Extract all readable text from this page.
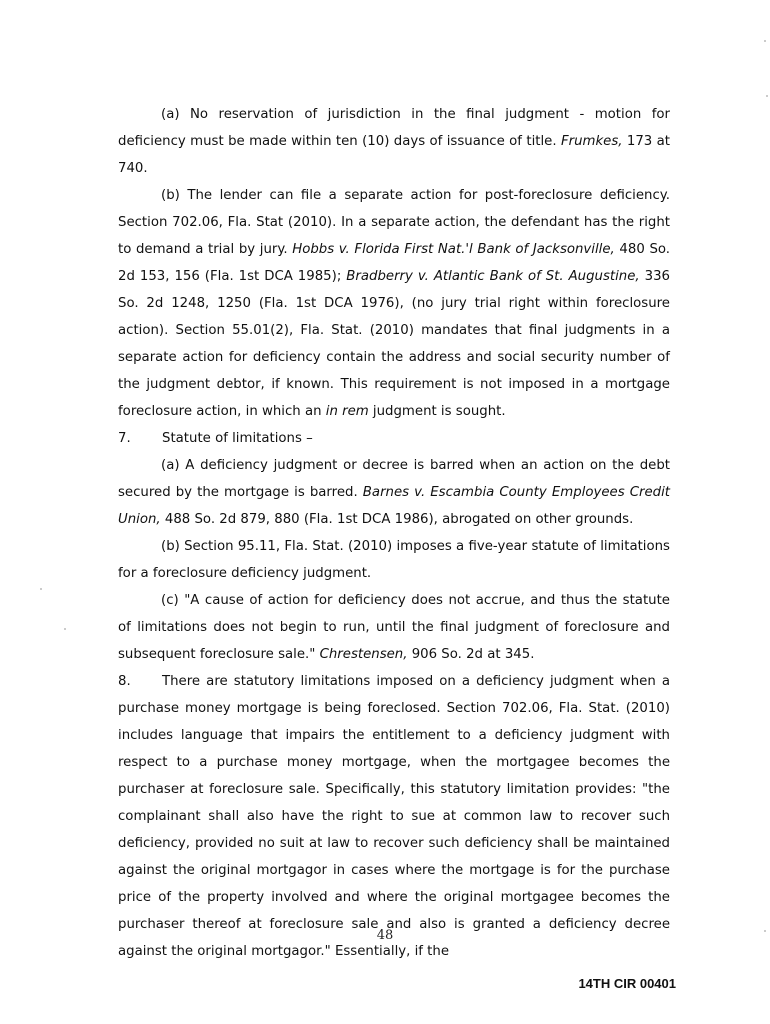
(a) No reservation of jurisdiction in the final judgment - motion for deficiency must be made within ten (10) days of issuance of title. Frumkes, 173 at 740.

(b) The lender can file a separate action for post-foreclosure deficiency. Section 702.06, Fla. Stat (2010). In a separate action, the defendant has the right to demand a trial by jury. Hobbs v. Florida First Nat.'l Bank of Jacksonville, 480 So. 2d 153, 156 (Fla. 1st DCA 1985); Bradberry v. Atlantic Bank of St. Augustine, 336 So. 2d 1248, 1250 (Fla. 1st DCA 1976), (no jury trial right within foreclosure action). Section 55.01(2), Fla. Stat. (2010) mandates that final judgments in a separate action for deficiency contain the address and social security number of the judgment debtor, if known. This requirement is not imposed in a mortgage foreclosure action, in which an in rem judgment is sought.

7.	Statute of limitations –

(a) A deficiency judgment or decree is barred when an action on the debt secured by the mortgage is barred. Barnes v. Escambia County Employees Credit Union, 488 So. 2d 879, 880 (Fla. 1st DCA 1986), abrogated on other grounds.

(b) Section 95.11, Fla. Stat. (2010) imposes a five-year statute of limitations for a foreclosure deficiency judgment.

(c) "A cause of action for deficiency does not accrue, and thus the statute of limitations does not begin to run, until the final judgment of foreclosure and subsequent foreclosure sale." Chrestensen, 906 So. 2d at 345.

8. There are statutory limitations imposed on a deficiency judgment when a purchase money mortgage is being foreclosed. Section 702.06, Fla. Stat. (2010) includes language that impairs the entitlement to a deficiency judgment with respect to a purchase money mortgage, when the mortgagee becomes the purchaser at foreclosure sale. Specifically, this statutory limitation provides: "the complainant shall also have the right to sue at common law to recover such deficiency, provided no suit at law to recover such deficiency shall be maintained against the original mortgagor in cases where the mortgage is for the purchase price of the property involved and where the original mortgagee becomes the purchaser thereof at foreclosure sale and also is granted a deficiency decree against the original mortgagor." Essentially, if the

48
14TH CIR 00401
